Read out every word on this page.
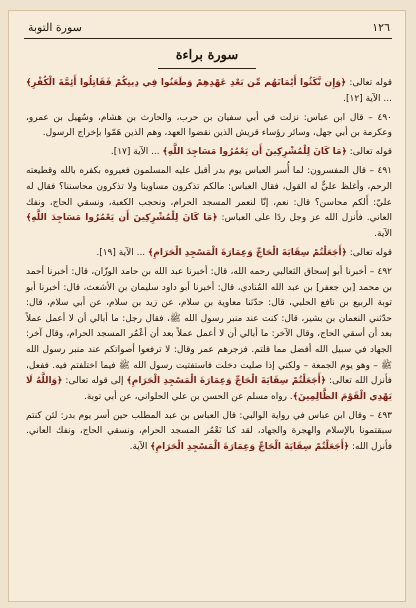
١٢٦
سورة التوبة
سورة براءة

قوله تعالى: ﴿وَإِن نَّكَثُوا أَيْمَانَهُم مِّن بَعْدِ عَهْدِهِمْ وَطَعَنُوا فِي دِينِكُمْ فَقَاتِلُوا أَئِمَّةَ الْكُفْرِ﴾ ... الآية [١٢].

٤٩٠ – قال ابن عباس: نزلت في أبي سفيان بن حرب، والحارث بن هشام، وسُهيل بن عمرو، وعكرمة بن أبي جهل، وسائر رؤساء قريش الذين نقضوا العهد، وهم الذين هَمّوا بإخراج الرسول.

قوله تعالى: ﴿مَا كَانَ لِلْمُشْرِكِينَ أَن يَعْمُرُوا مَسَاجِدَ اللَّهِ﴾ ... الآية [١٧].

٤٩١ – قال المفسرون: لما أُسر العباس يوم بدر أقبل عليه المسلمون فعيروه بكفره بالله وقطيعته الرحم، وأغلظ عليٌّ له القول، فقال العباس: مالكم تذكرون مساوينا ولا تذكرون محاسننا؟ فقال له عليّ: أَلكم محاسن؟ قال: نعم، إنّا لنعمر المسجد الحرام، ونحجب الكعبة، ونسقي الحاج، ونفك العاني. فأنزل الله عز وجل ردًا على العباس: ﴿مَا كَانَ لِلْمُشْرِكِينَ أَن يَعْمُرُوا مَسَاجِدَ اللَّهِ﴾ الآية.

قوله تعالى: ﴿أَجَعَلْتُمْ سِقَايَةَ الْحَاجِّ وَعِمَارَةَ الْمَسْجِدِ الْحَرَامِ﴾ ... الآية [١٩].

٤٩٢ – أخبرنا أبو إسحاق الثعالبي رحمه الله، قال: أخبرنا عبد الله بن حامد الوزّان، قال: أخبرنا أحمد بن محمد [بن جعفر] بن عبد الله المُنادي، قال: أخبرنا أبو داود سليمان بن الأشعث، قال: أخبرنا أبو توبة الربيع بن نافع الحلبي، قال: حدّثنا معاوية بن سلام، عن زيد بن سلام، عن أبي سلام، قال: حدّثني النعمان بن بشير، قال: كنت عند منبر رسول الله ﷺ، فقال رجل: ما أبالي أن لا أعمل عملاً بعد أن أسقي الحاج، وقال الآخر: ما أبالي أن لا أعمل عملاً بعد أن أعْمُر المسجد الحرام، وقال آخر: الجهاد في سبيل الله أفضل مما قلتم. فزجرهم عمر وقال: لا ترفعوا أصواتكم عند منبر رسول الله ﷺ – وهو يوم الجمعة – ولكني إذا صليت دخلت فاستفتيت رسول الله ﷺ فيما اختلفتم فيه. ففعل، فأنزل الله تعالى: ﴿أَجَعَلْتُمْ سِقَايَةَ الْحَاجِّ وَعِمَارَةَ الْمَسْجِدِ الْحَرَامِ﴾ إلى قوله تعالى: ﴿وَاللَّهُ لَا يَهْدِي الْقَوْمَ الظَّالِمِينَ﴾. رواه مسلم عن الحسن بن علي الحلواني، عن أبي توبة.

٤٩٣ – وقال ابن عباس في رواية الوالبي: قال العباس بن عبد المطلب حين أسر يوم بدر: لئن كنتم سبقتمونا بالإسلام والهجرة والجهاد، لقد كنا نَعْمُر المسجد الحرام، ونسقي الحاج، ونفك العاني. فأنزل الله: ﴿أَجَعَلْتُمْ سِقَايَةَ الْحَاجِّ وَعِمَارَةَ الْمَسْجِدِ الْحَرَامِ﴾ الآية.
